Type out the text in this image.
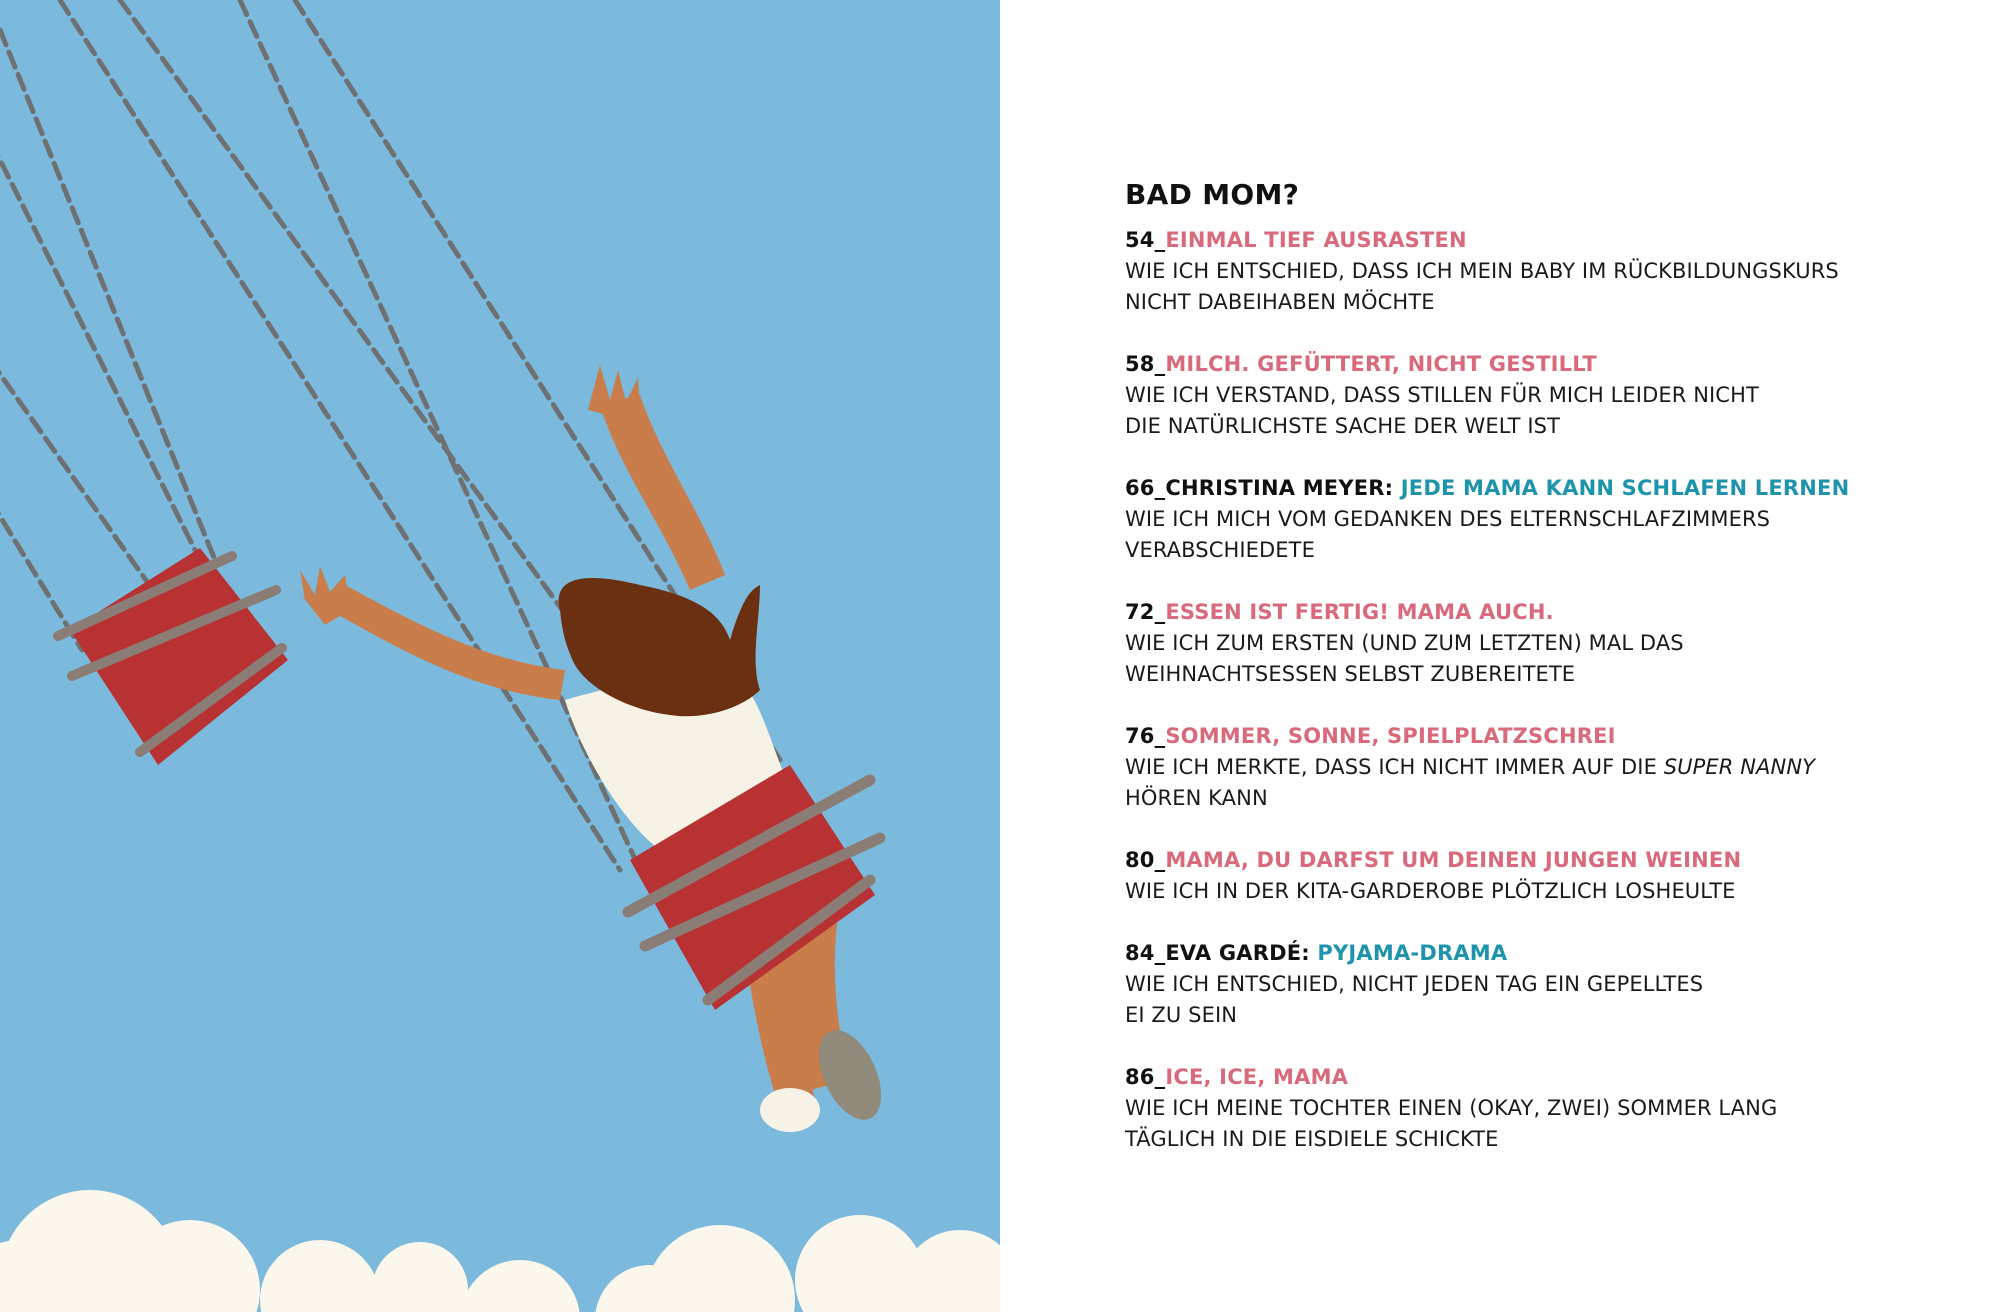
BAD MOM?
54_EINMAL TIEF AUSRASTEN
WIE ICH ENTSCHIED, DASS ICH MEIN BABY IM RÜCKBILDUNGSKURS
NICHT DABEIHABEN MÖCHTE
58_MILCH. GEFÜTTERT, NICHT GESTILLT
WIE ICH VERSTAND, DASS STILLEN FÜR MICH LEIDER NICHT
DIE NATÜRLICHSTE SACHE DER WELT IST
66_CHRISTINA MEYER: JEDE MAMA KANN SCHLAFEN LERNEN
WIE ICH MICH VOM GEDANKEN DES ELTERNSCHLAFZIMMERS
VERABSCHIEDETE
72_ESSEN IST FERTIG! MAMA AUCH.
WIE ICH ZUM ERSTEN (UND ZUM LETZTEN) MAL DAS
WEIHNACHTSESSEN SELBST ZUBEREITETE
76_SOMMER, SONNE, SPIELPLATZSCHREI
WIE ICH MERKTE, DASS ICH NICHT IMMER AUF DIE SUPER NANNY
HÖREN KANN
80_MAMA, DU DARFST UM DEINEN JUNGEN WEINEN
WIE ICH IN DER KITA-GARDEROBE PLÖTZLICH LOSHEULTE
84_EVA GARDÉ: PYJAMA-DRAMA
WIE ICH ENTSCHIED, NICHT JEDEN TAG EIN GEPELLTES
EI ZU SEIN
86_ICE, ICE, MAMA
WIE ICH MEINE TOCHTER EINEN (OKAY, ZWEI) SOMMER LANG
TÄGLICH IN DIE EISDIELE SCHICKTE
